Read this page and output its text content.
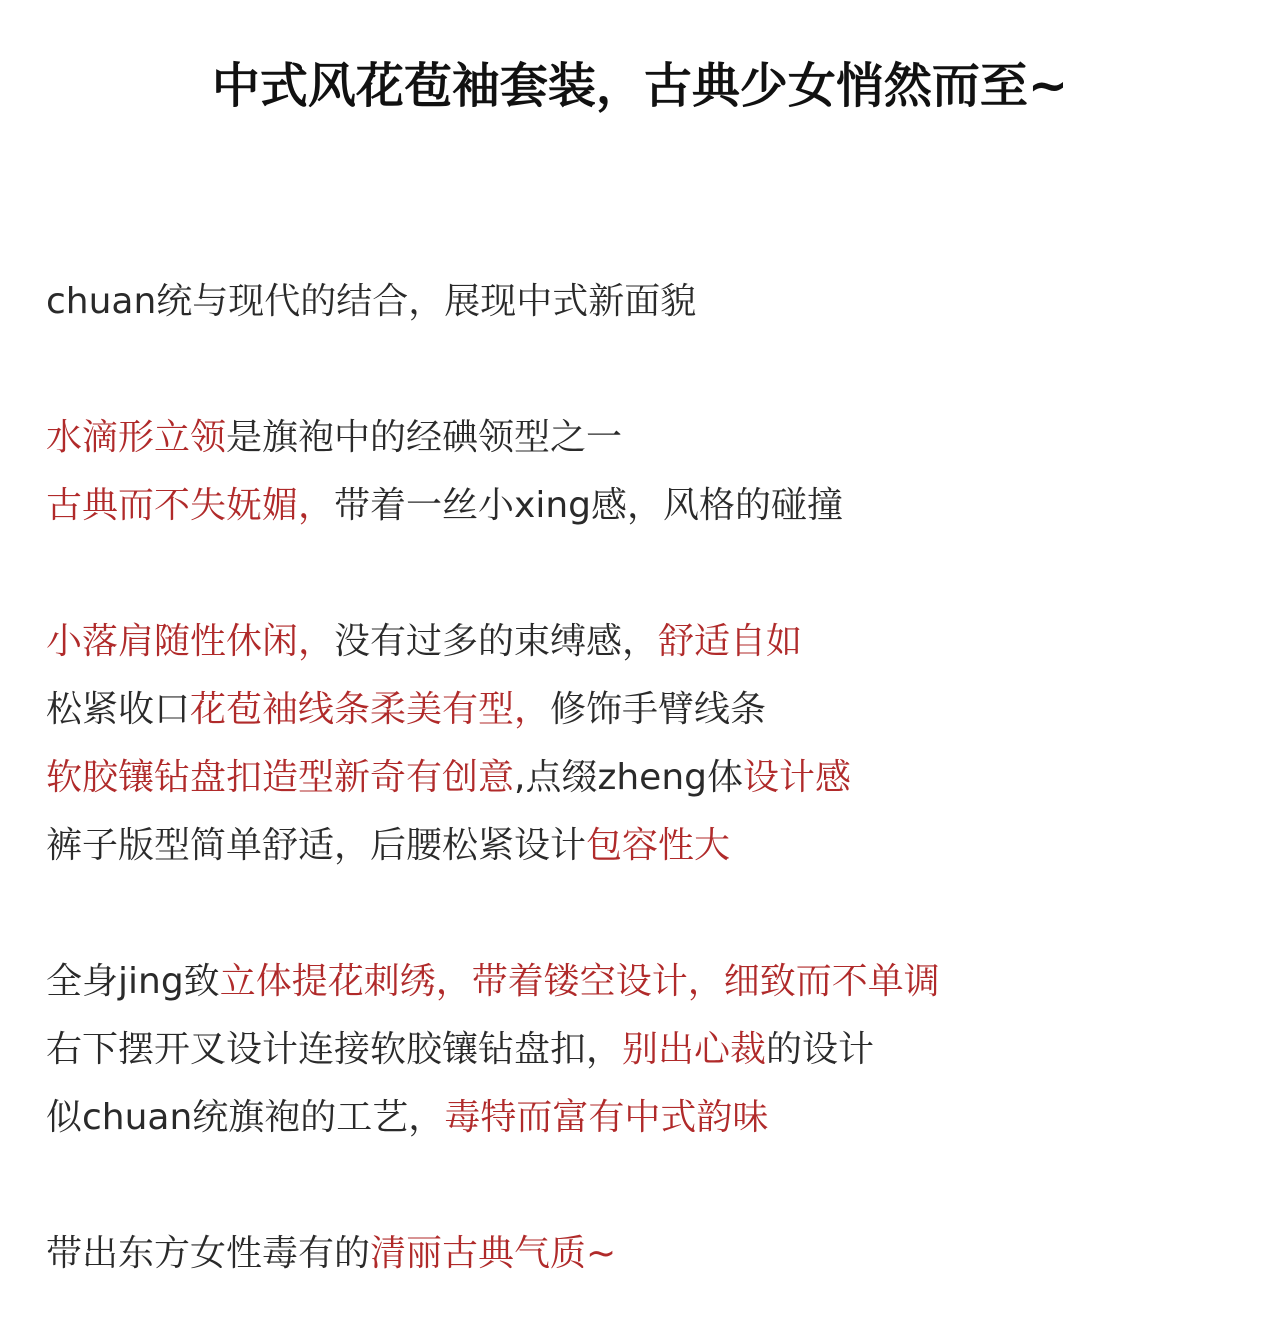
中式风花苞袖套装，古典少女悄然而至~
chuan统与现代的结合，展现中式新面貌
水滴形立领是旗袍中的经碘领型之一
古典而不失妩媚，带着一丝小xing感，风格的碰撞
小落肩随性休闲，没有过多的束缚感，舒适自如
松紧收口花苞袖线条柔美有型，修饰手臂线条
软胶镶钻盘扣造型新奇有创意,点缀zheng体设计感
裤子版型简单舒适，后腰松紧设计包容性大
全身jing致立体提花刺绣，带着镂空设计，细致而不单调
右下摆开叉设计连接软胶镶钻盘扣，别出心裁的设计
似chuan统旗袍的工艺，毒特而富有中式韵味
带出东方女性毒有的清丽古典气质~
